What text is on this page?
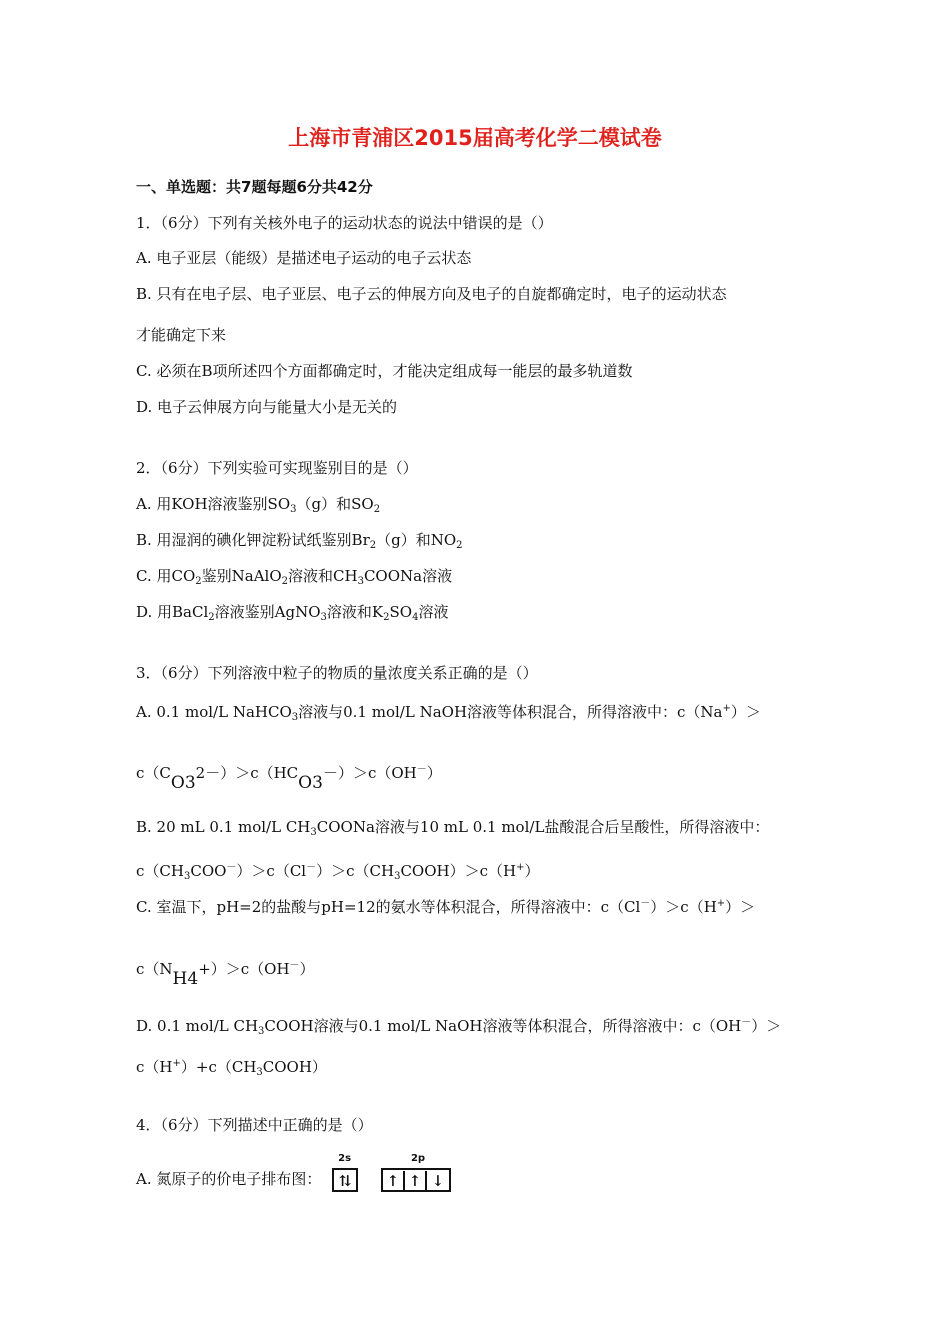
上海市青浦区2015届高考化学二模试卷
一、单选题：共7题每题6分共42分
1．（6分）下列有关核外电子的运动状态的说法中错误的是（）
A. 电子亚层（能级）是描述电子运动的电子云状态
B. 只有在电子层、电子亚层、电子云的伸展方向及电子的自旋都确定时，电子的运动状态
才能确定下来
C. 必须在B项所述四个方面都确定时，才能决定组成每一能层的最多轨道数
D. 电子云伸展方向与能量大小是无关的
2．（6分）下列实验可实现鉴别目的是（）
A. 用KOH溶液鉴别$SO_3(g)$和$SO_2$
B. 用湿润的碘化钾淀粉试纸鉴别$Br_2(g)$和$NO_2$
C. 用$CO_2$鉴别NaAlO$_2$溶液和$CH_3COONa$溶液
D. 用BaCl$_2$溶液鉴别AgNO$_3$溶液和$K_2SO_4$溶液
3．（6分）下列溶液中粒子的物质的量浓度关系正确的是（）
A. 0.1 mol/L NaHCO$_3$溶液与0.1 mol/L NaOH溶液等体积混合，所得溶液中：c（Na+）＞
c（CO32－）＞c（HCO3－）＞c（OH－）
B. 20 mL 0.1 mol/L $CH_3COONa$溶液与10 mL 0.1 mol/L盐酸混合后呈酸性，所得溶液中：
$c(CH_3COO^-)>c(Cl^-)>c(CH_3COOH)>c(H^+)$
C. 室温下，pH=2的盐酸与pH=12的氨水等体积混合，所得溶液中：c（Cl－）＞c（H+）＞
c（NH4+）＞c（OH－）
D. 0.1 mol/L $CH_3COOH$溶液与0.1 mol/L NaOH溶液等体积混合，所得溶液中：c（OH－）＞
$c(H^+)+c(CH_3COOH)$
4．（6分）下列描述中正确的是（）
A. 氮原子的价电子排布图：
2s
⇅
2p
↑ ↑ ↓
